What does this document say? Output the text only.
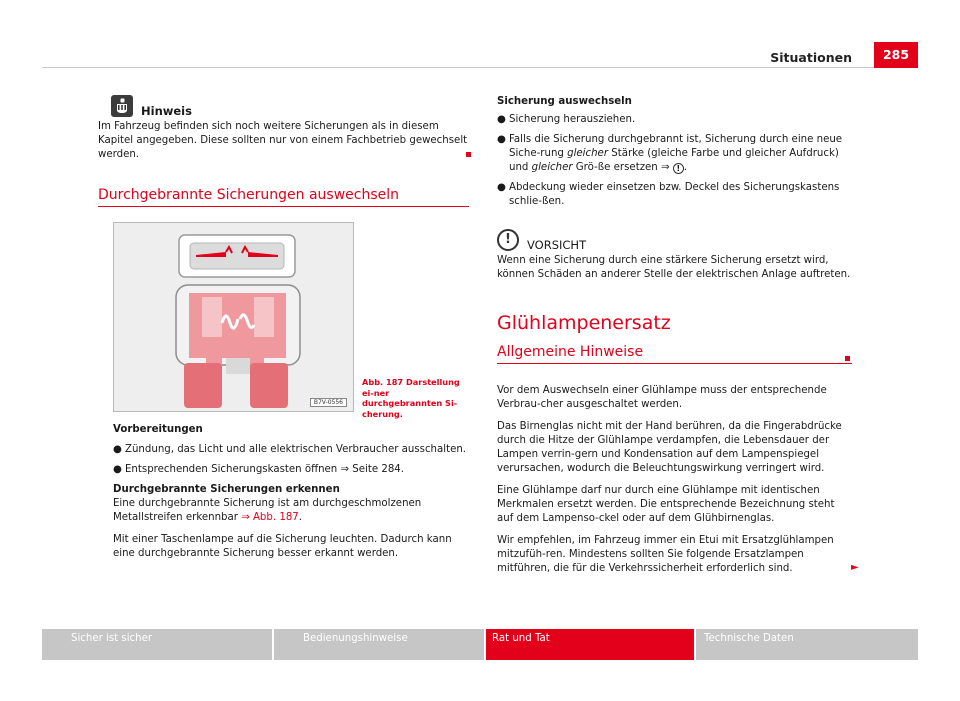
Situationen	285
Hinweis

Im Fahrzeug befinden sich noch weitere Sicherungen als in diesem Kapitel angegeben. Diese sollten nur von einem Fachbetrieb gewechselt werden.

Durchgebrannte Sicherungen auswechseln
B7V-0556
Abb. 187 Darstellung ei-ner durchgebrannten Si-cherung.

Vorbereitungen

● Zündung, das Licht und alle elektrischen Verbraucher ausschalten.
● Entsprechenden Sicherungskasten öffnen ⇒ Seite 284.

Durchgebrannte Sicherungen erkennen

Eine durchgebrannte Sicherung ist am durchgeschmolzenen Metallstreifen erkennbar ⇒ Abb. 187.

Mit einer Taschenlampe auf die Sicherung leuchten. Dadurch kann eine durchgebrannte Sicherung besser erkannt werden.

Sicherung auswechseln

● Sicherung herausziehen.
● Falls die Sicherung durchgebrannt ist, Sicherung durch eine neue Siche-rung gleicher Stärke (gleiche Farbe und gleicher Aufdruck) und gleicher Grö-ße ersetzen ⇒ ! .
● Abdeckung wieder einsetzen bzw. Deckel des Sicherungskastens schlie-ßen.
!	VORSICHT

Wenn eine Sicherung durch eine stärkere Sicherung ersetzt wird, können Schäden an anderer Stelle der elektrischen Anlage auftreten.

Glühlampenersatz
Allgemeine Hinweise

Vor dem Auswechseln einer Glühlampe muss der entsprechende Verbrau-cher ausgeschaltet werden.

Das Birnenglas nicht mit der Hand berühren, da die Fingerabdrücke durch die Hitze der Glühlampe verdampfen, die Lebensdauer der Lampen verrin-gern und Kondensation auf dem Lampenspiegel verursachen, wodurch die Beleuchtungswirkung verringert wird.

Eine Glühlampe darf nur durch eine Glühlampe mit identischen Merkmalen ersetzt werden. Die entsprechende Bezeichnung steht auf dem Lampenso-ckel oder auf dem Glühbirnenglas.

Wir empfehlen, im Fahrzeug immer ein Etui mit Ersatzglühlampen mitzufüh-ren. Mindestens sollten Sie folgende Ersatzlampen mitführen, die für die Verkehrssicherheit erforderlich sind.	►
Sicher ist sicher	Bedienungshinweise	Rat und Tat	Technische Daten
